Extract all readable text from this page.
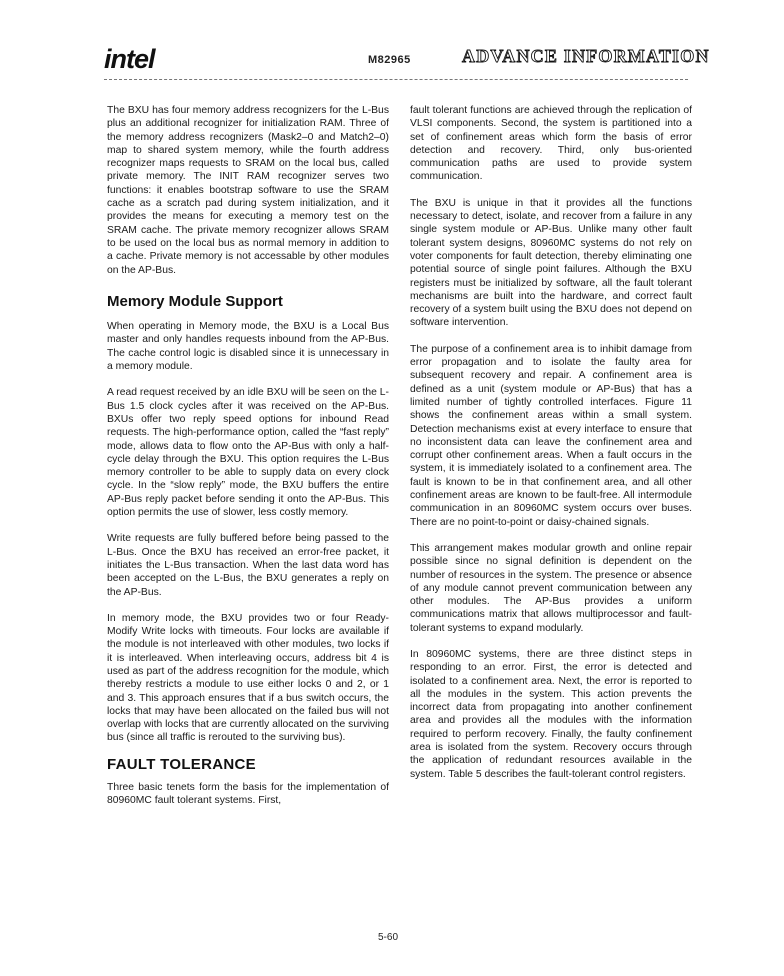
intel	M82965	ADVANCE INFORMATION

The BXU has four memory address recognizers for the L-Bus plus an additional recognizer for initialization RAM. Three of the memory address recognizers (Mask2–0 and Match2–0) map to shared system memory, while the fourth address recognizer maps requests to SRAM on the local bus, called private memory. The INIT RAM recognizer serves two functions: it enables bootstrap software to use the SRAM cache as a scratch pad during system initialization, and it provides the means for executing a memory test on the SRAM cache. The private memory recognizer allows SRAM to be used on the local bus as normal memory in addition to a cache. Private memory is not accessable by other modules on the AP-Bus.

Memory Module Support

When operating in Memory mode, the BXU is a Local Bus master and only handles requests inbound from the AP-Bus. The cache control logic is disabled since it is unnecessary in a memory module.

A read request received by an idle BXU will be seen on the L-Bus 1.5 clock cycles after it was received on the AP-Bus. BXUs offer two reply speed options for inbound Read requests. The high-performance option, called the “fast reply” mode, allows data to flow onto the AP-Bus with only a half-cycle delay through the BXU. This option requires the L-Bus memory controller to be able to supply data on every clock cycle. In the “slow reply” mode, the BXU buffers the entire AP-Bus reply packet before sending it onto the AP-Bus. This option permits the use of slower, less costly memory.

Write requests are fully buffered before being passed to the L-Bus. Once the BXU has received an error-free packet, it initiates the L-Bus transaction. When the last data word has been accepted on the L-Bus, the BXU generates a reply on the AP-Bus.

In memory mode, the BXU provides two or four Ready-Modify Write locks with timeouts. Four locks are available if the module is not interleaved with other modules, two locks if it is interleaved. When interleaving occurs, address bit 4 is used as part of the address recognition for the module, which thereby restricts a module to use either locks 0 and 2, or 1 and 3. This approach ensures that if a bus switch occurs, the locks that may have been allocated on the failed bus will not overlap with locks that are currently allocated on the surviving bus (since all traffic is rerouted to the surviving bus).

FAULT TOLERANCE

Three basic tenets form the basis for the implementation of 80960MC fault tolerant systems. First,

fault tolerant functions are achieved through the replication of VLSI components. Second, the system is partitioned into a set of confinement areas which form the basis of error detection and recovery. Third, only bus-oriented communication paths are used to provide system communication.

The BXU is unique in that it provides all the functions necessary to detect, isolate, and recover from a failure in any single system module or AP-Bus. Unlike many other fault tolerant system designs, 80960MC systems do not rely on voter components for fault detection, thereby eliminating one potential source of single point failures. Although the BXU registers must be initialized by software, all the fault tolerant mechanisms are built into the hardware, and correct fault recovery of a system built using the BXU does not depend on software intervention.

The purpose of a confinement area is to inhibit damage from error propagation and to isolate the faulty area for subsequent recovery and repair. A confinement area is defined as a unit (system module or AP-Bus) that has a limited number of tightly controlled interfaces. Figure 11 shows the confinement areas within a small system. Detection mechanisms exist at every interface to ensure that no inconsistent data can leave the confinement area and corrupt other confinement areas. When a fault occurs in the system, it is immediately isolated to a confinement area. The fault is known to be in that confinement area, and all other confinement areas are known to be fault-free. All intermodule communication in an 80960MC system occurs over buses. There are no point-to-point or daisy-chained signals.

This arrangement makes modular growth and online repair possible since no signal definition is dependent on the number of resources in the system. The presence or absence of any module cannot prevent communication between any other modules. The AP-Bus provides a uniform communications matrix that allows multiprocessor and fault-tolerant systems to expand modularly.

In 80960MC systems, there are three distinct steps in responding to an error. First, the error is detected and isolated to a confinement area. Next, the error is reported to all the modules in the system. This action prevents the incorrect data from propagating into another confinement area and provides all the modules with the information required to perform recovery. Finally, the faulty confinement area is isolated from the system. Recovery occurs through the application of redundant resources available in the system. Table 5 describes the fault-tolerant control registers.

5-60
